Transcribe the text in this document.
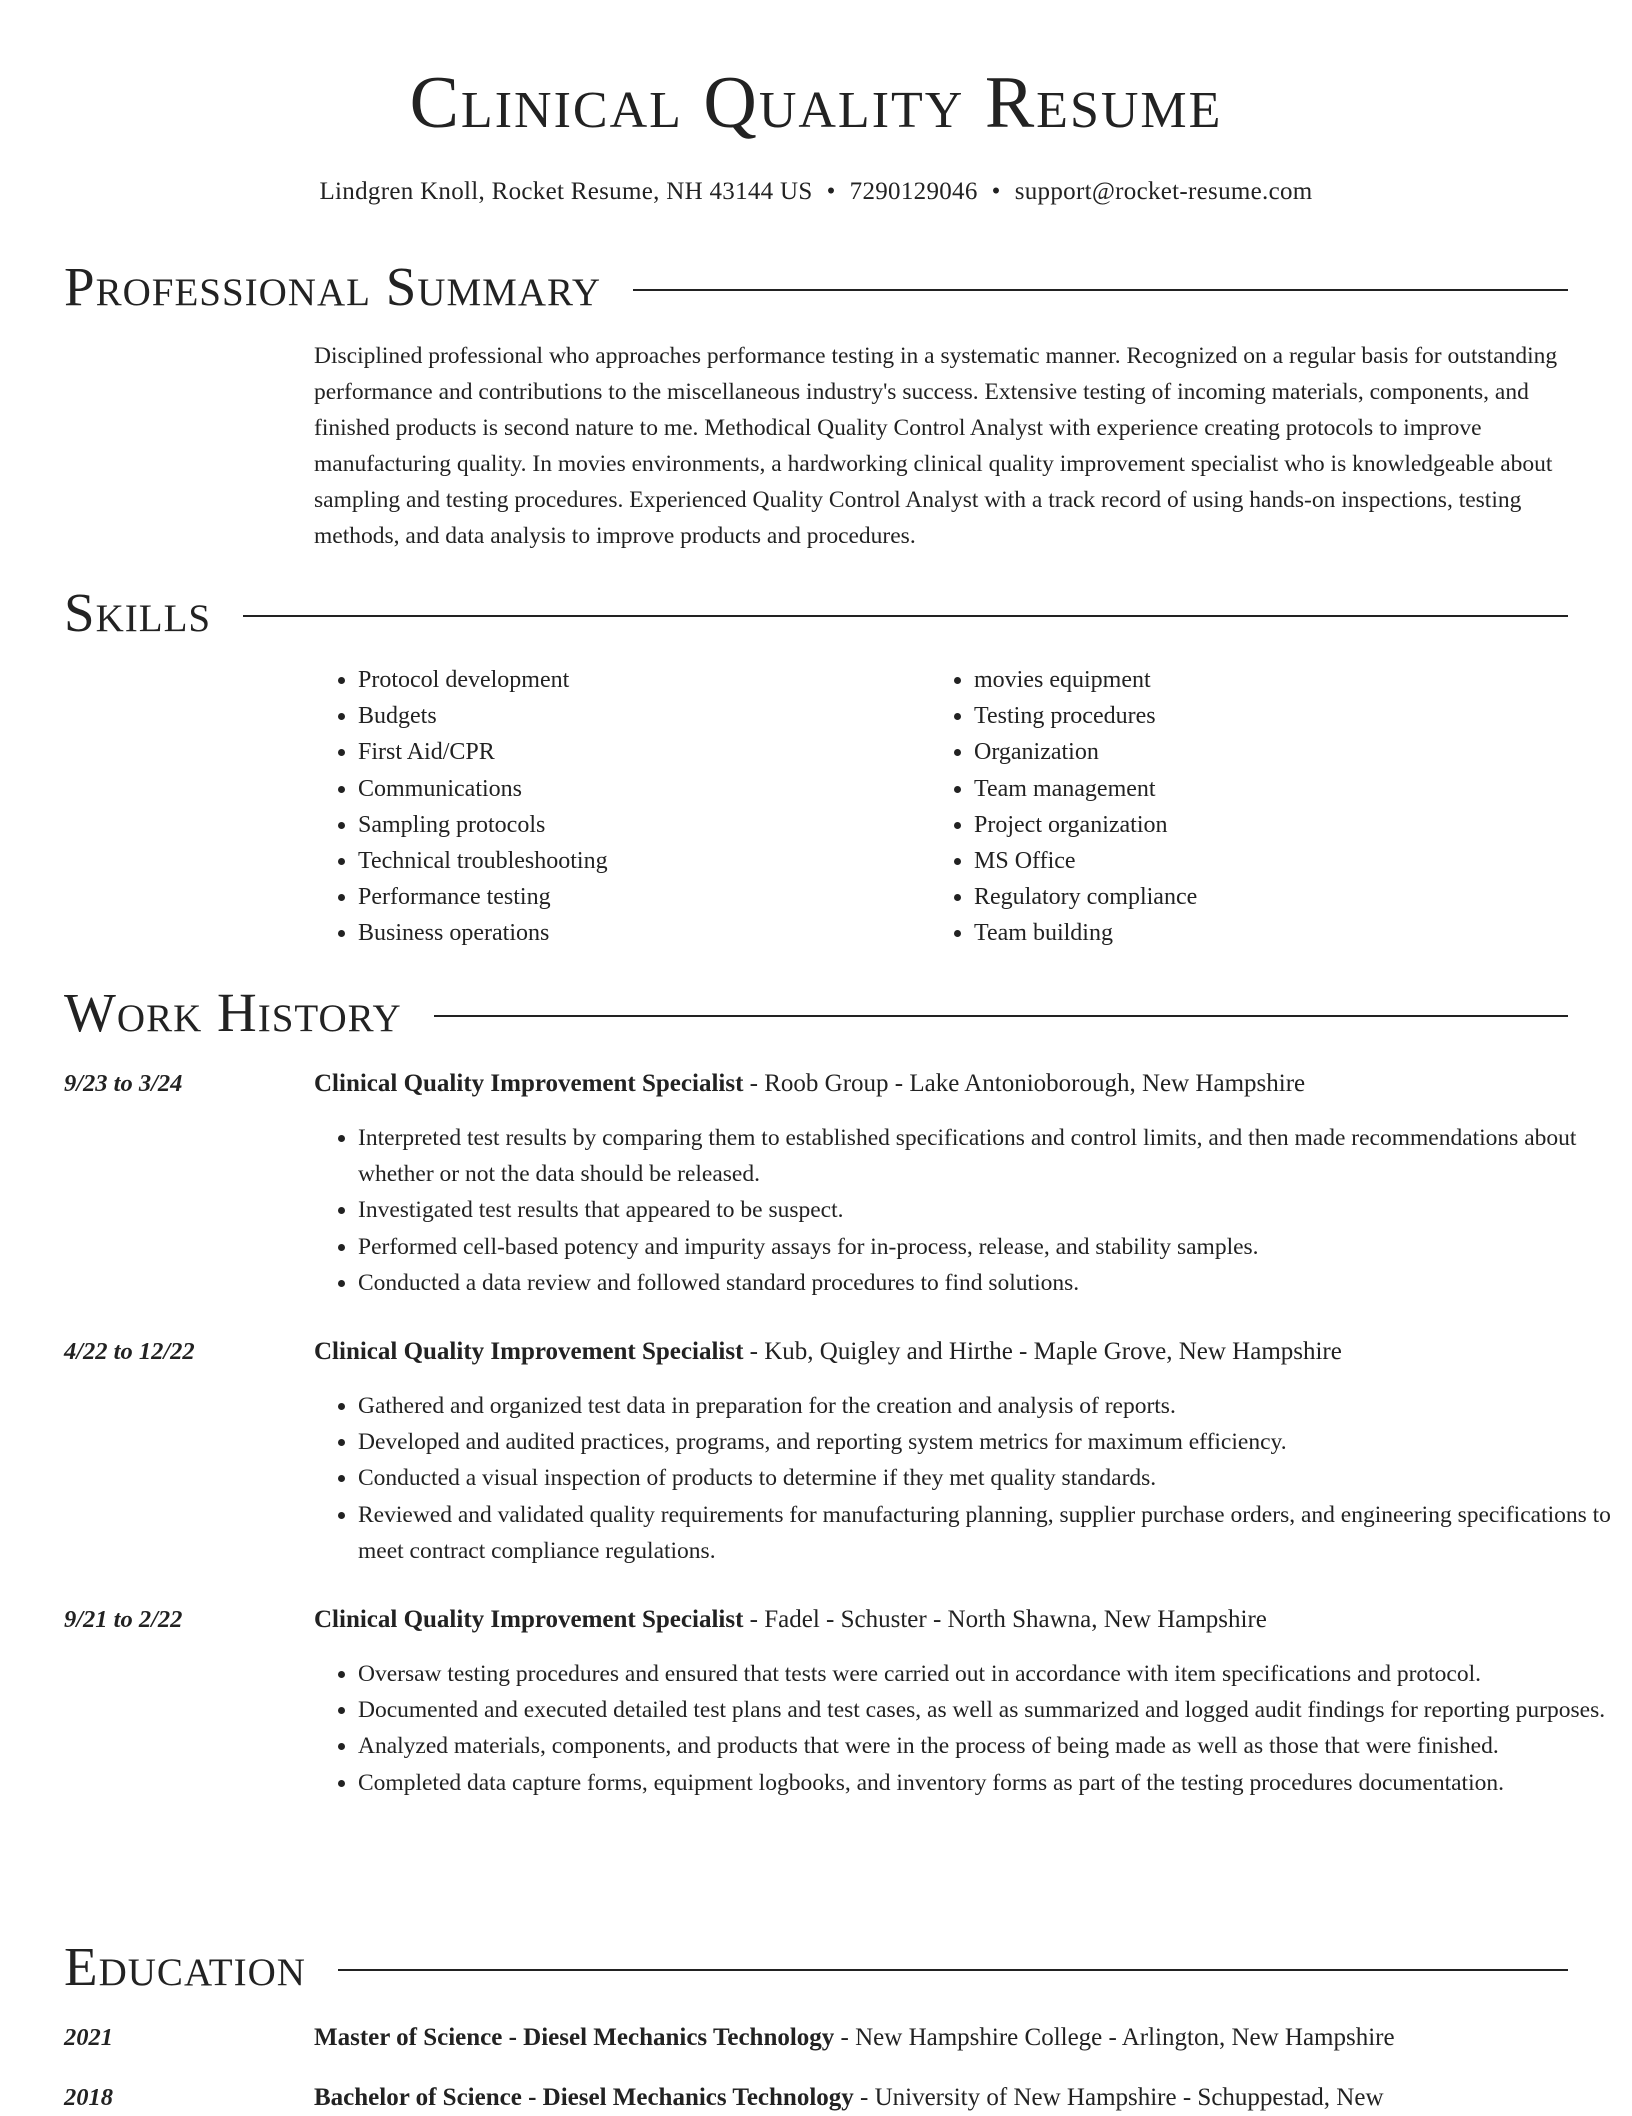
Clinical Quality Resume
Lindgren Knoll, Rocket Resume, NH 43144 US • 7290129046 • support@rocket-resume.com
Professional Summary

Disciplined professional who approaches performance testing in a systematic manner. Recognized on a regular basis for outstanding performance and contributions to the miscellaneous industry's success. Extensive testing of incoming materials, components, and finished products is second nature to me. Methodical Quality Control Analyst with experience creating protocols to improve manufacturing quality. In movies environments, a hardworking clinical quality improvement specialist who is knowledgeable about sampling and testing procedures. Experienced Quality Control Analyst with a track record of using hands-on inspections, testing methods, and data analysis to improve products and procedures.

Skills
• Protocol development
• Budgets
• First Aid/CPR
• Communications
• Sampling protocols
• Technical troubleshooting
• Performance testing
• Business operations
• movies equipment
• Testing procedures
• Organization
• Team management
• Project organization
• MS Office
• Regulatory compliance
• Team building
Work History
9/23 to 3/24	Clinical Quality Improvement Specialist - Roob Group - Lake Antonioborough, New Hampshire
• Interpreted test results by comparing them to established specifications and control limits, and then made recommendations about whether or not the data should be released.
• Investigated test results that appeared to be suspect.
• Performed cell-based potency and impurity assays for in-process, release, and stability samples.
• Conducted a data review and followed standard procedures to find solutions.
4/22 to 12/22	Clinical Quality Improvement Specialist - Kub, Quigley and Hirthe - Maple Grove, New Hampshire
• Gathered and organized test data in preparation for the creation and analysis of reports.
• Developed and audited practices, programs, and reporting system metrics for maximum efficiency.
• Conducted a visual inspection of products to determine if they met quality standards.
• Reviewed and validated quality requirements for manufacturing planning, supplier purchase orders, and engineering specifications to meet contract compliance regulations.
9/21 to 2/22	Clinical Quality Improvement Specialist - Fadel - Schuster - North Shawna, New Hampshire
• Oversaw testing procedures and ensured that tests were carried out in accordance with item specifications and protocol.
• Documented and executed detailed test plans and test cases, as well as summarized and logged audit findings for reporting purposes.
• Analyzed materials, components, and products that were in the process of being made as well as those that were finished.
• Completed data capture forms, equipment logbooks, and inventory forms as part of the testing procedures documentation.
Education
2021	Master of Science - Diesel Mechanics Technology - New Hampshire College - Arlington, New Hampshire
2018	Bachelor of Science - Diesel Mechanics Technology - University of New Hampshire - Schuppestad, New
